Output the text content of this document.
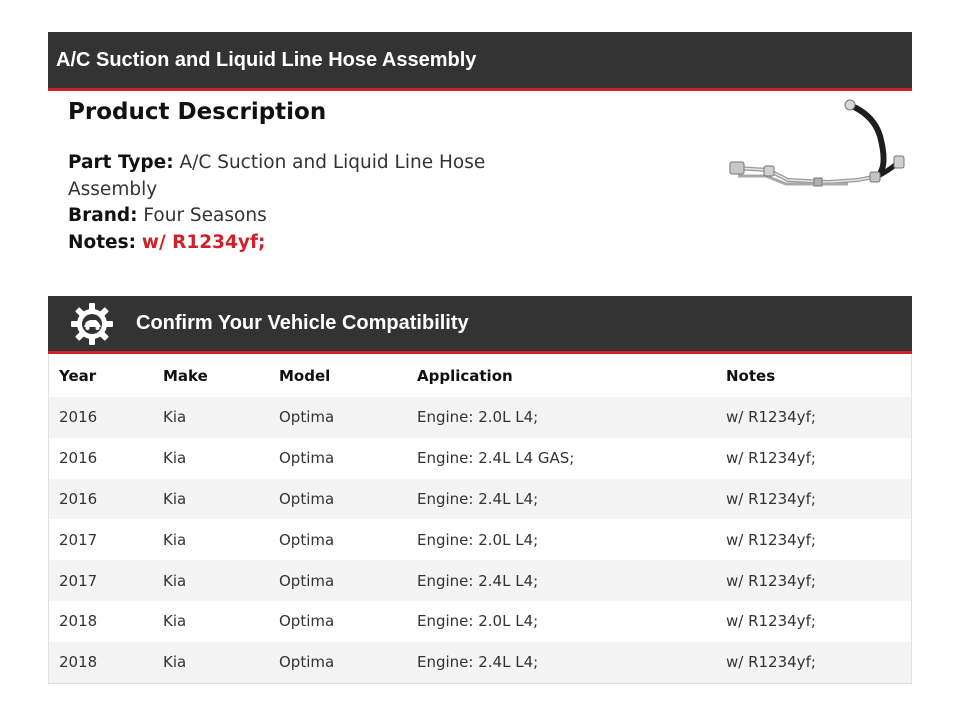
A/C Suction and Liquid Line Hose Assembly
Product Description
Part Type: A/C Suction and Liquid Line Hose Assembly
Brand: Four Seasons
Notes: w/ R1234yf;
Confirm Your Vehicle Compatibility
Year	Make	Model	Application	Notes
2016	Kia	Optima	Engine: 2.0L L4;	w/ R1234yf;
2016	Kia	Optima	Engine: 2.4L L4 GAS;	w/ R1234yf;
2016	Kia	Optima	Engine: 2.4L L4;	w/ R1234yf;
2017	Kia	Optima	Engine: 2.0L L4;	w/ R1234yf;
2017	Kia	Optima	Engine: 2.4L L4;	w/ R1234yf;
2018	Kia	Optima	Engine: 2.0L L4;	w/ R1234yf;
2018	Kia	Optima	Engine: 2.4L L4;	w/ R1234yf;
